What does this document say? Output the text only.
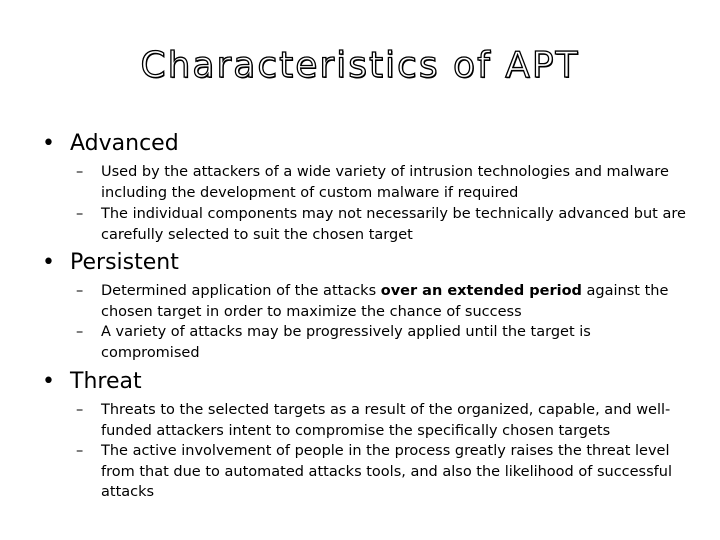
Characteristics of APT
• Advanced
– Used by the attackers of a wide variety of intrusion technologies and malware including the development of custom malware if required
– The individual components may not necessarily be technically advanced but are carefully selected to suit the chosen target
• Persistent
– Determined application of the attacks over an extended period against the chosen target in order to maximize the chance of success
– A variety of attacks may be progressively applied until the target is compromised
• Threat
– Threats to the selected targets as a result of the organized, capable, and well-funded attackers intent to compromise the specifically chosen targets
– The active involvement of people in the process greatly raises the threat level from that due to automated attacks tools, and also the likelihood of successful attacks
